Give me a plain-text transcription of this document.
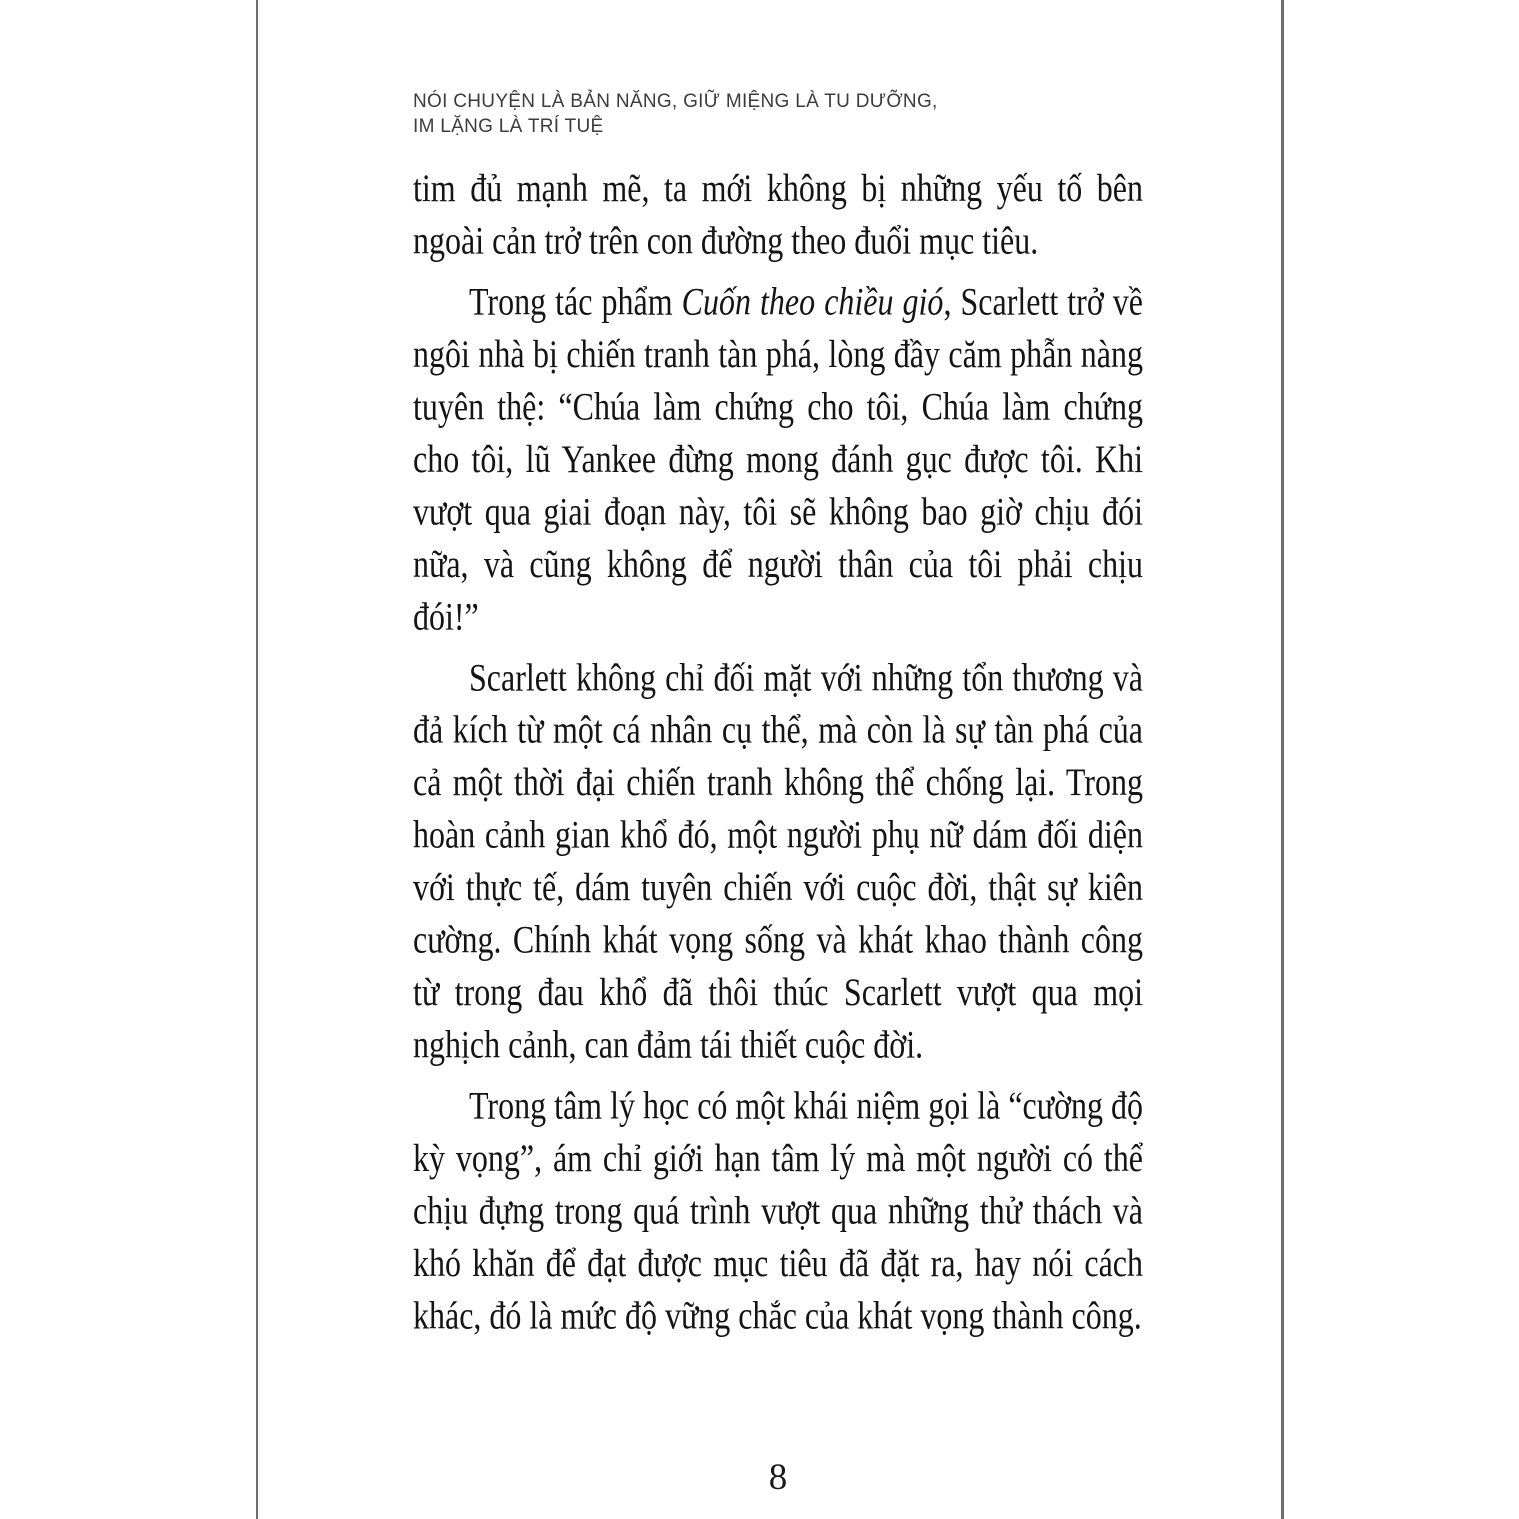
NÓI CHUYỆN LÀ BẢN NĂNG, GIỮ MIỆNG LÀ TU DƯỠNG,
IM LẶNG LÀ TRÍ TUỆ

tim đủ mạnh mẽ, ta mới không bị những yếu tố bên ngoài cản trở trên con đường theo đuổi mục tiêu.

Trong tác phẩm Cuốn theo chiều gió, Scarlett trở về ngôi nhà bị chiến tranh tàn phá, lòng đầy căm phẫn nàng tuyên thệ: “Chúa làm chứng cho tôi, Chúa làm chứng cho tôi, lũ Yankee đừng mong đánh gục được tôi. Khi vượt qua giai đoạn này, tôi sẽ không bao giờ chịu đói nữa, và cũng không để người thân của tôi phải chịu đói!”

Scarlett không chỉ đối mặt với những tổn thương và đả kích từ một cá nhân cụ thể, mà còn là sự tàn phá của cả một thời đại chiến tranh không thể chống lại. Trong hoàn cảnh gian khổ đó, một người phụ nữ dám đối diện với thực tế, dám tuyên chiến với cuộc đời, thật sự kiên cường. Chính khát vọng sống và khát khao thành công từ trong đau khổ đã thôi thúc Scarlett vượt qua mọi nghịch cảnh, can đảm tái thiết cuộc đời.

Trong tâm lý học có một khái niệm gọi là “cường độ kỳ vọng”, ám chỉ giới hạn tâm lý mà một người có thể chịu đựng trong quá trình vượt qua những thử thách và khó khăn để đạt được mục tiêu đã đặt ra, hay nói cách khác, đó là mức độ vững chắc của khát vọng thành công.

8
